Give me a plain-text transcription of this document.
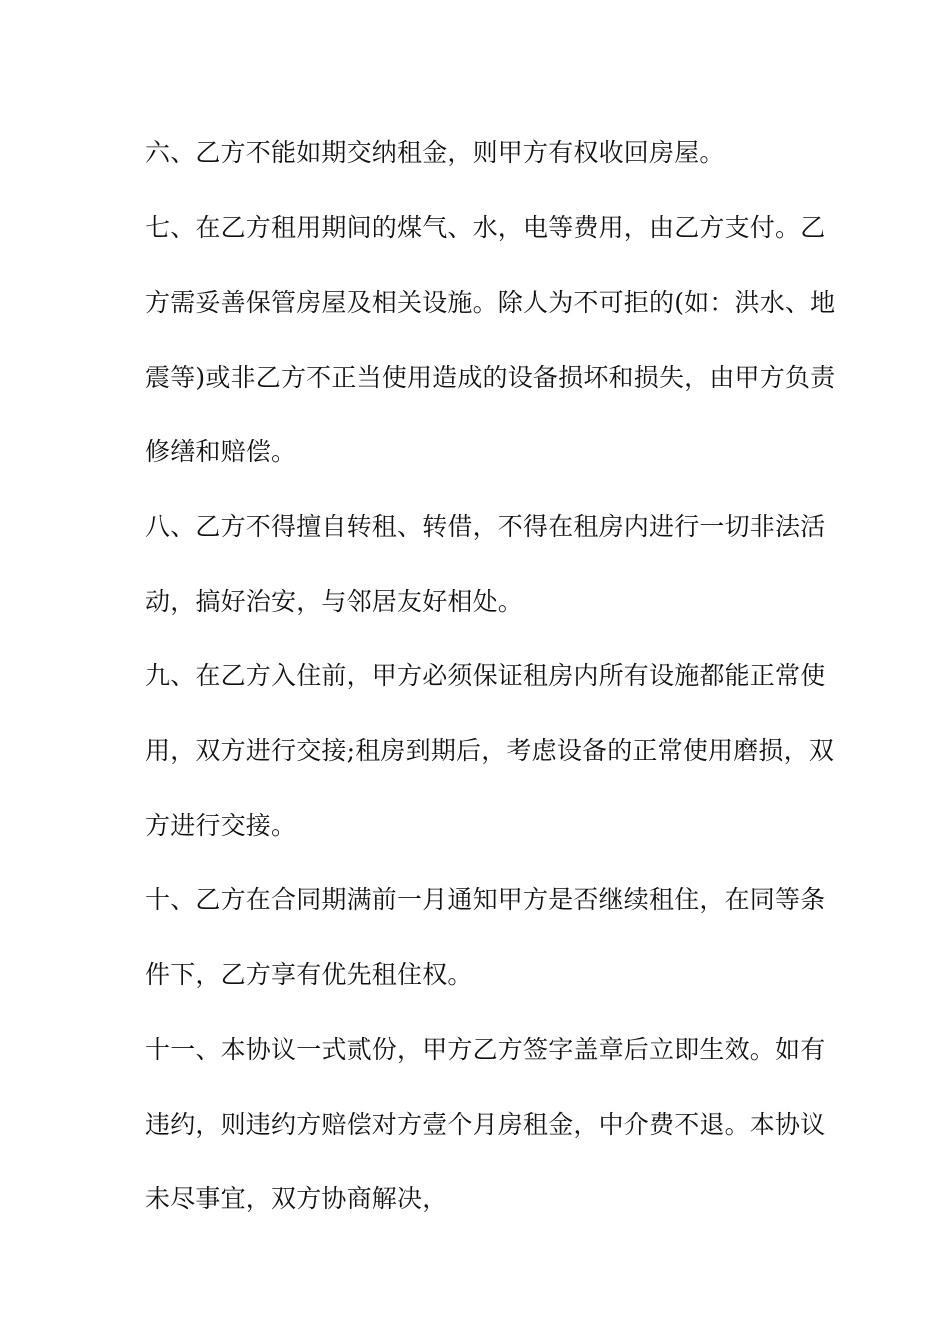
六、乙方不能如期交纳租金，则甲方有权收回房屋。
七、在乙方租用期间的煤气、水，电等费用，由乙方支付。乙
方需妥善保管房屋及相关设施。除人为不可拒的(如：洪水、地
震等)或非乙方不正当使用造成的设备损坏和损失，由甲方负责
修缮和赔偿。
八、乙方不得擅自转租、转借，不得在租房内进行一切非法活
动，搞好治安，与邻居友好相处。
九、在乙方入住前，甲方必须保证租房内所有设施都能正常使
用，双方进行交接;租房到期后，考虑设备的正常使用磨损，双
方进行交接。
十、乙方在合同期满前一月通知甲方是否继续租住，在同等条
件下，乙方享有优先租住权。
十一、本协议一式贰份，甲方乙方签字盖章后立即生效。如有
违约，则违约方赔偿对方壹个月房租金，中介费不退。本协议
未尽事宜，双方协商解决，
